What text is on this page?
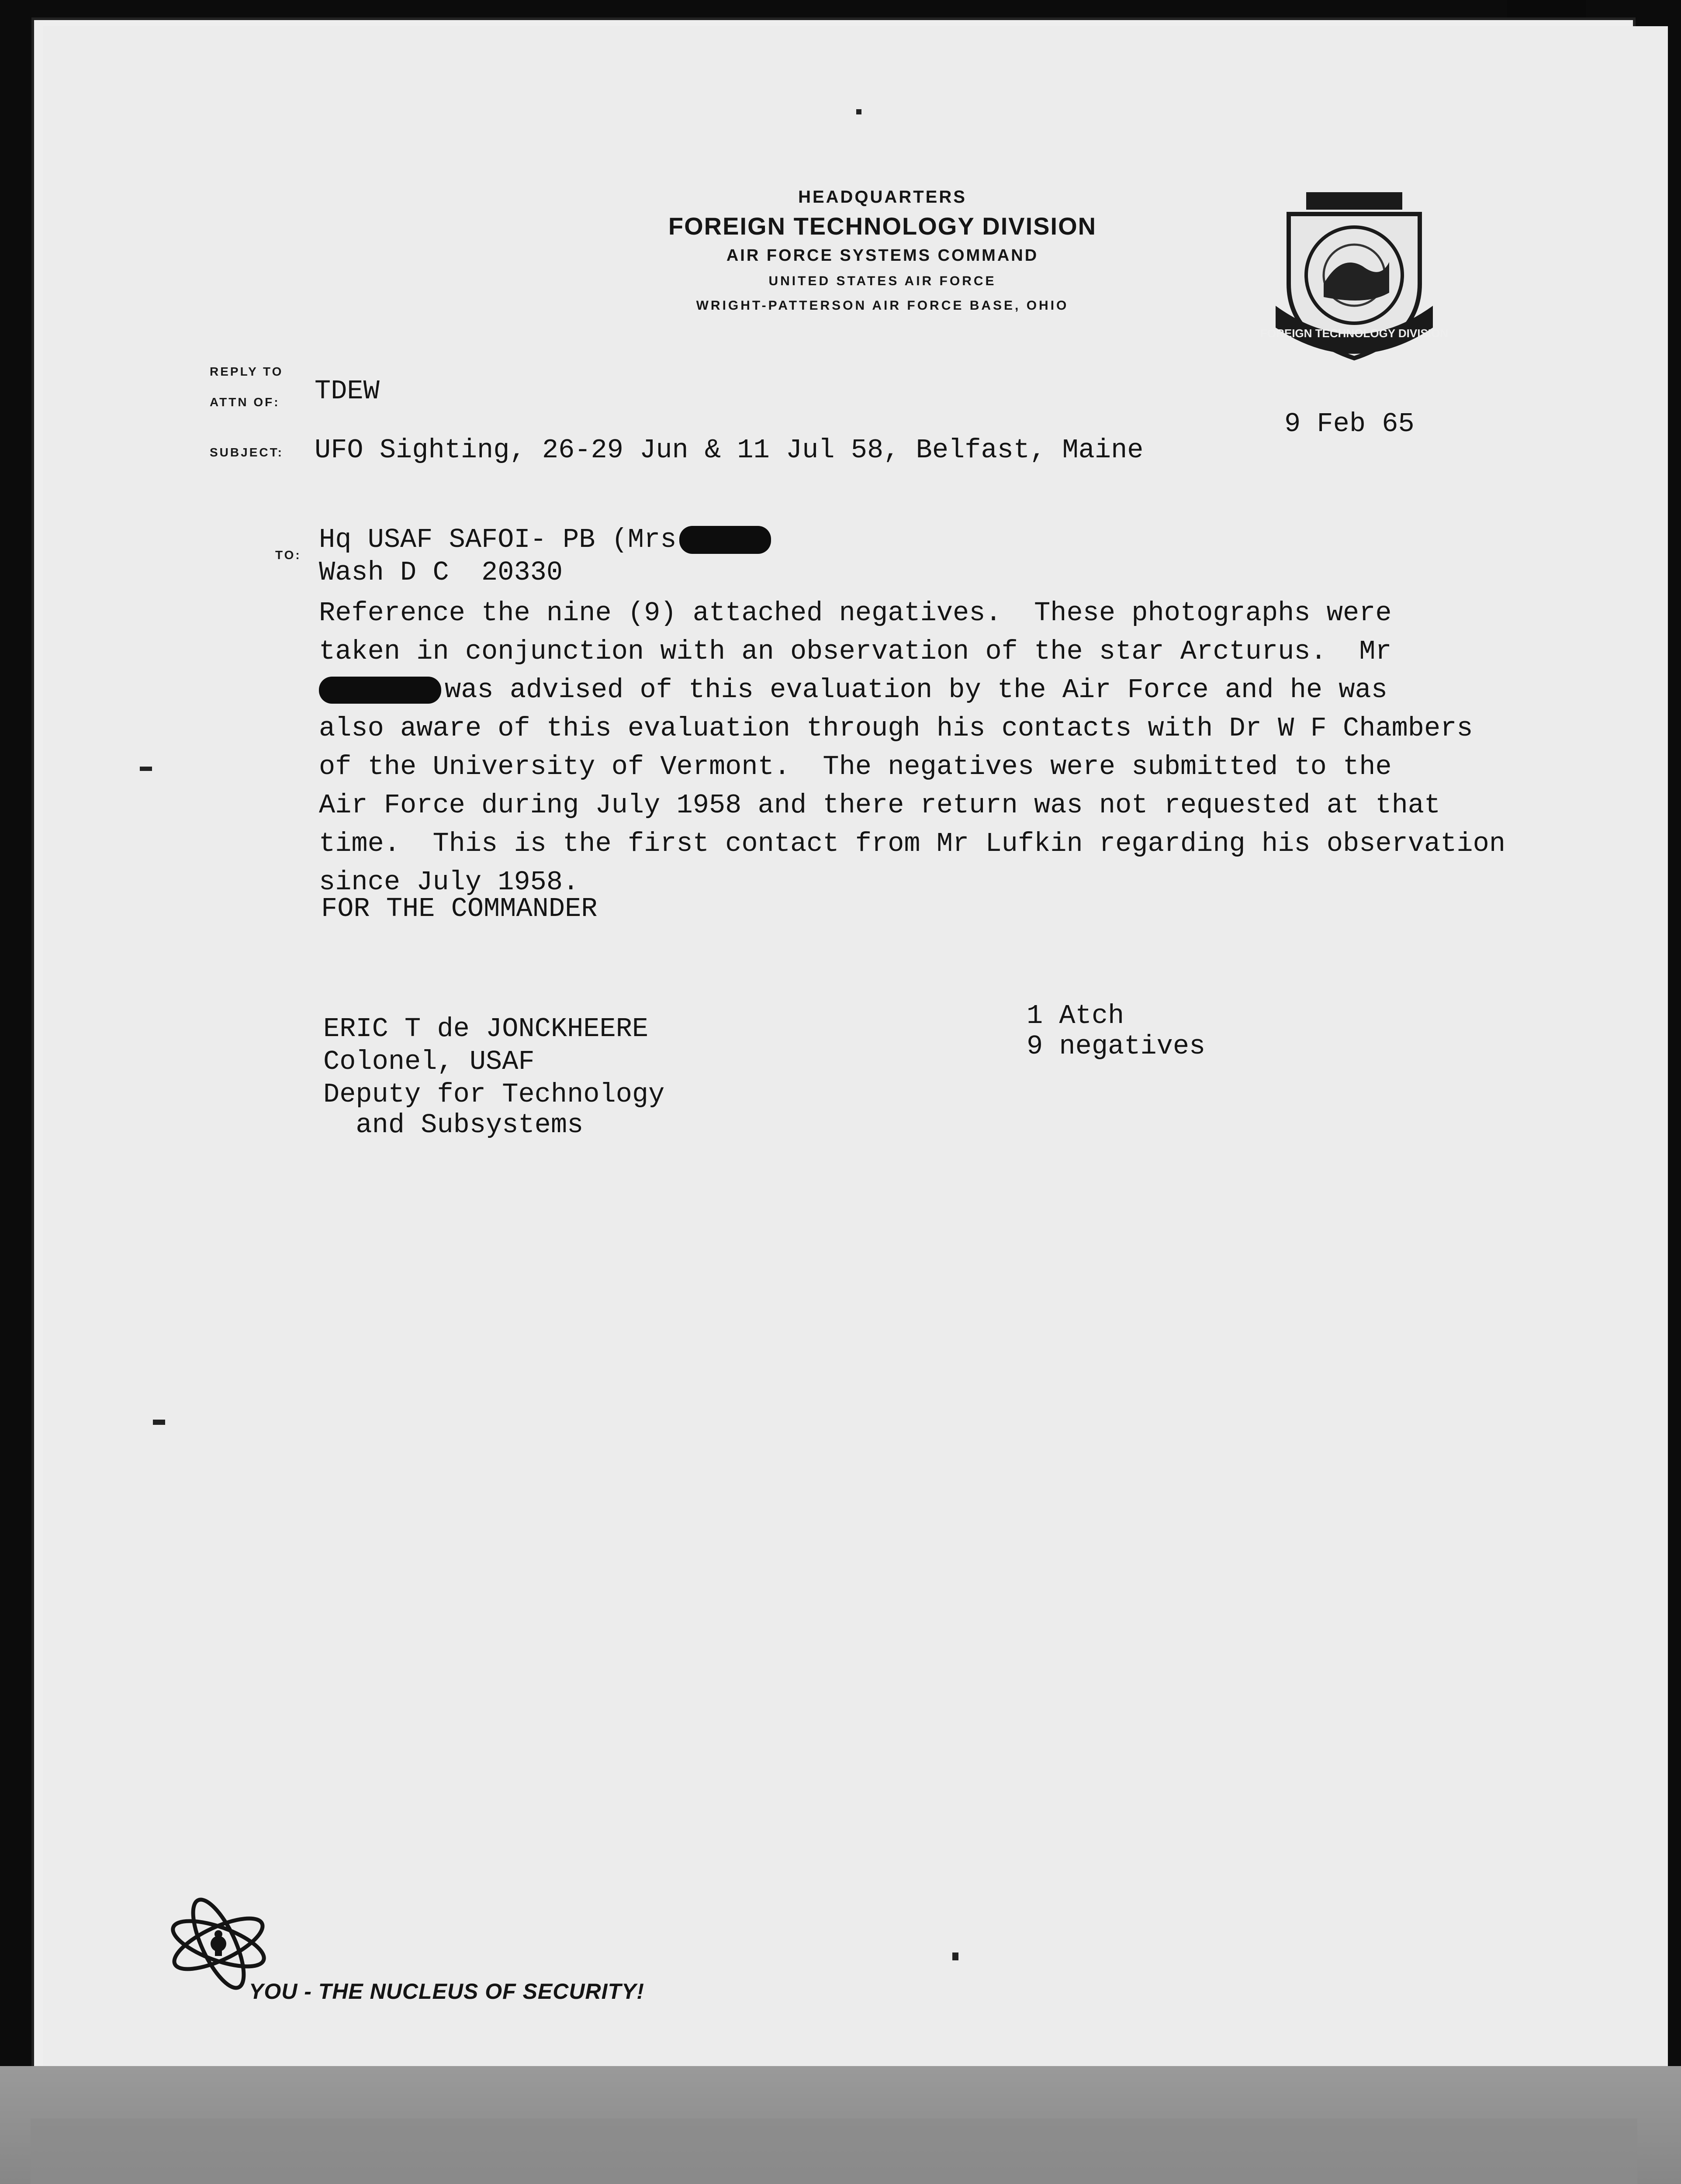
HEADQUARTERS
FOREIGN TECHNOLOGY DIVISION
AIR FORCE SYSTEMS COMMAND
UNITED STATES AIR FORCE
WRIGHT-PATTERSON AIR FORCE BASE, OHIO
FOREIGN TECHNOLOGY DIVISION
REPLY TO
ATTN OF: TDEW
SUBJECT: UFO Sighting, 26-29 Jun & 11 Jul 58, Belfast, Maine
9 Feb 65
TO: Hq USAF SAFOI- PB (Mrs
Wash D C  20330
Reference the nine (9) attached negatives.  These photographs were
taken in conjunction with an observation of the star Arcturus.  Mr
was advised of this evaluation by the Air Force and he was
also aware of this evaluation through his contacts with Dr W F Chambers
of the University of Vermont.  The negatives were submitted to the
Air Force during July 1958 and there return was not requested at that
time.  This is the first contact from Mr Lufkin regarding his observation
since July 1958.
FOR THE COMMANDER
ERIC T de JONCKHEERE
Colonel, USAF
Deputy for Technology
and Subsystems
1 Atch
9 negatives
YOU - THE NUCLEUS OF SECURITY!
